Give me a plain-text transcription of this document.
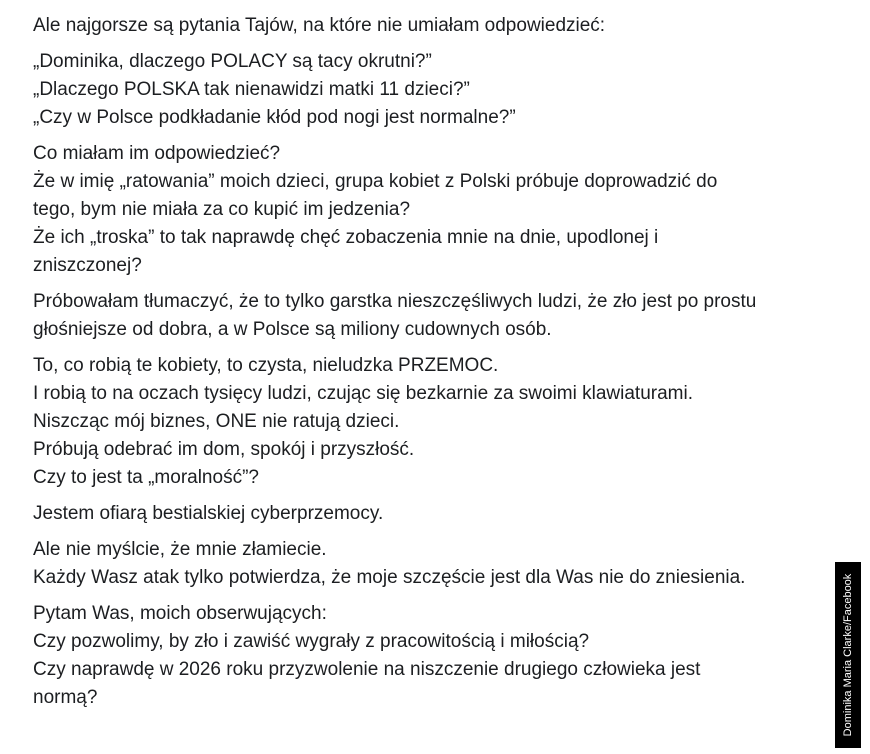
Ale najgorsze są pytania Tajów, na które nie umiałam odpowiedzieć:
„Dominika, dlaczego POLACY są tacy okrutni?”
„Dlaczego POLSKA tak nienawidzi matki 11 dzieci?”
„Czy w Polsce podkładanie kłód pod nogi jest normalne?”
Co miałam im odpowiedzieć?
Że w imię „ratowania” moich dzieci, grupa kobiet z Polski próbuje doprowadzić do
tego, bym nie miała za co kupić im jedzenia?
Że ich „troska” to tak naprawdę chęć zobaczenia mnie na dnie, upodlonej i
zniszczonej?
Próbowałam tłumaczyć, że to tylko garstka nieszczęśliwych ludzi, że zło jest po prostu
głośniejsze od dobra, a w Polsce są miliony cudownych osób.
To, co robią te kobiety, to czysta, nieludzka PRZEMOC.
I robią to na oczach tysięcy ludzi, czując się bezkarnie za swoimi klawiaturami.
Niszcząc mój biznes, ONE nie ratują dzieci.
Próbują odebrać im dom, spokój i przyszłość.
Czy to jest ta „moralność”?
Jestem ofiarą bestialskiej cyberprzemocy.
Ale nie myślcie, że mnie złamiecie.
Każdy Wasz atak tylko potwierdza, że moje szczęście jest dla Was nie do zniesienia.
Pytam Was, moich obserwujących:
Czy pozwolimy, by zło i zawiść wygrały z pracowitością i miłością?
Czy naprawdę w 2026 roku przyzwolenie na niszczenie drugiego człowieka jest
normą?	Dominika Maria Clarke/Facebook
